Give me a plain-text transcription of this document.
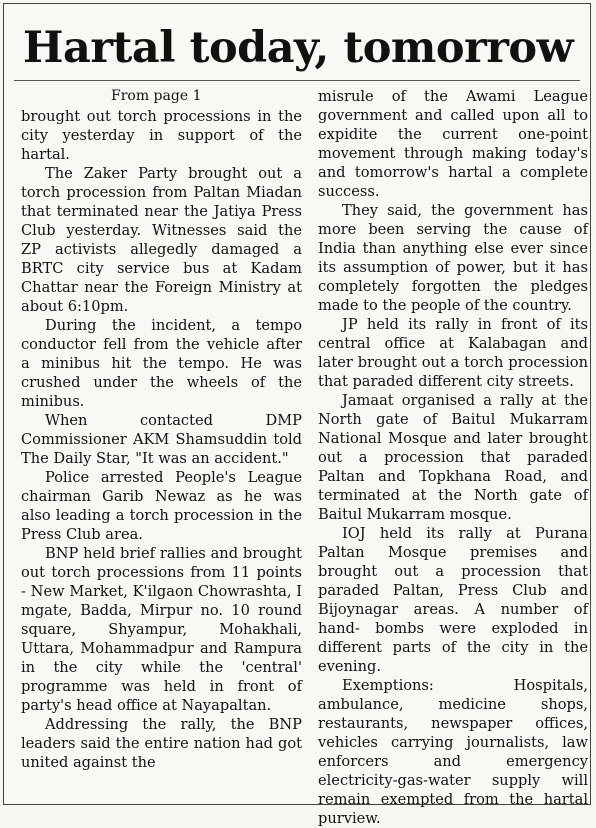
Hartal today, tomorrow
From page 1

brought out torch processions in the city yesterday in support of the hartal.

The Zaker Party brought out a torch procession from Paltan Miadan that terminated near the Jatiya Press Club yesterday. Witnesses said the ZP activists allegedly damaged a BRTC city service bus at Kadam Chattar near the Foreign Ministry at about 6:10pm.

During the incident, a tempo conductor fell from the vehicle after a minibus hit the tempo. He was crushed under the wheels of the minibus.

When contacted DMP Commissioner AKM Shamsuddin told The Daily Star, "It was an accident."

Police arrested People's League chairman Garib Newaz as he was also leading a torch procession in the Press Club area.

BNP held brief rallies and brought out torch processions from 11 points - New Market, K'ilgaon Chowrashta, I mgate, Badda, Mirpur no. 10 round square, Shyampur, Mohakhali, Uttara, Mohammadpur and Rampura in the city while the 'central' programme was held in front of party's head office at Nayapaltan.

Addressing the rally, the BNP leaders said the entire nation had got united against the

misrule of the Awami League government and called upon all to expidite the current one-point movement through making today's and tomorrow's hartal a complete success.

They said, the government has more been serving the cause of India than anything else ever since its assumption of power, but it has completely forgotten the pledges made to the people of the country.

JP held its rally in front of its central office at Kalabagan and later brought out a torch procession that paraded different city streets.

Jamaat organised a rally at the North gate of Baitul Mukarram National Mosque and later brought out a procession that paraded Paltan and Topkhana Road, and terminated at the North gate of Baitul Mukarram mosque.

IOJ held its rally at Purana Paltan Mosque premises and brought out a procession that paraded Paltan, Press Club and Bijoynagar areas. A number of hand- bombs were exploded in different parts of the city in the evening.

Exemptions: Hospitals, ambulance, medicine shops, restaurants, newspaper offices, vehicles carrying journalists, law enforcers and emergency electricity-gas-water supply will remain exempted from the hartal purview.
